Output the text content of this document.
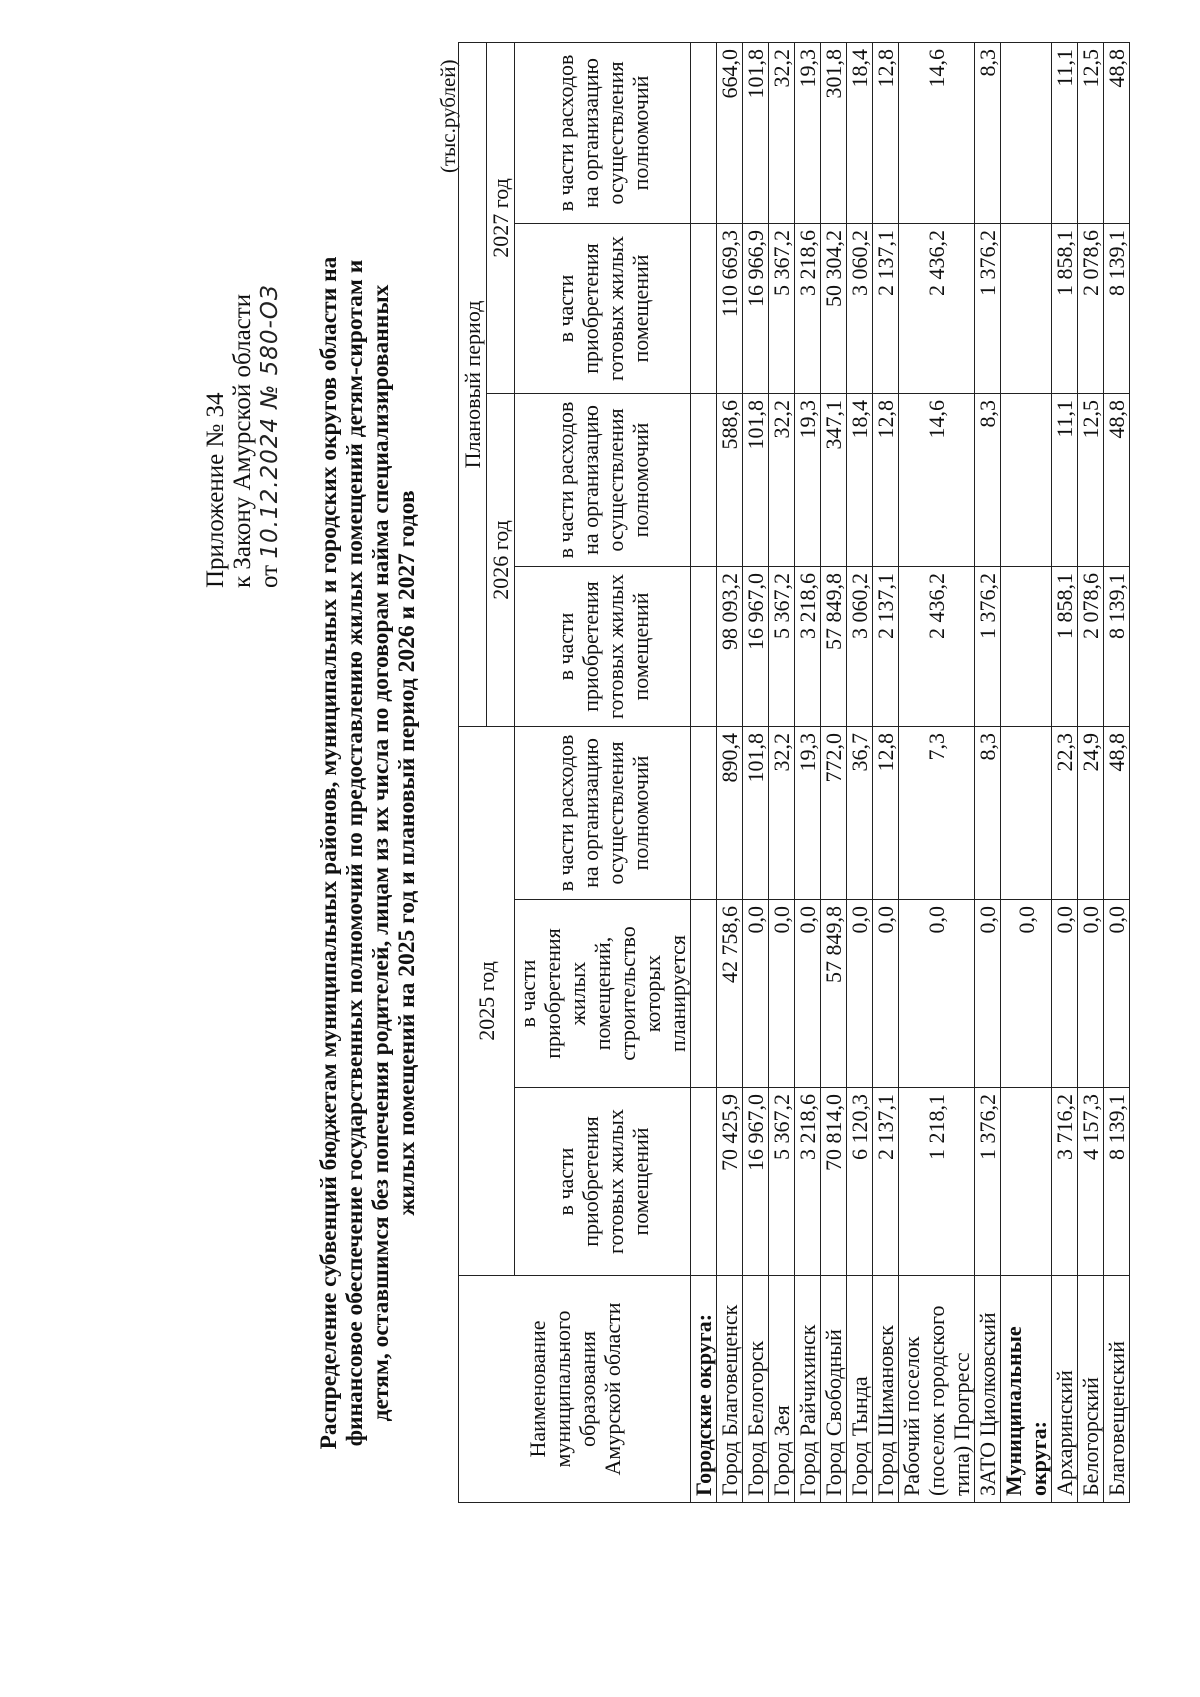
Приложение № 34 к Закону Амурской области от 10.12.2024 № 580-ОЗ Распределение субвенций бюджетам муниципальных районов, муниципальных и городских округов области на финансовое обеспечение государственных полномочий по предоставлению жилых помещений детям-сиротам и детям, оставшимся без попечения родителей, лицам из их числа по договорам найма специализированных жилых помещений на 2025 год и плановый период 2026 и 2027 годов
(тыс.рублей)
Наименование муниципального образования Амурской области	2025 год			Плановый период			
				2026 год		2027 год	
	в части приобретения готовых жилых помещений	в части приобретения жилых помещений, строительство которых планируется	в части расходов на организацию осуществления полномочий	в части приобретения готовых жилых помещений	в части расходов на организацию осуществления полномочий	в части приобретения готовых жилых помещений	в части расходов на организацию осуществления полномочий

Городские округа:							
Город Благовещенск	70 425,9	42 758,6	890,4	98 093,2	588,6	110 669,3	664,0
Город Белогорск	16 967,0	0,0	101,8	16 967,0	101,8	16 966,9	101,8
Город Зея	5 367,2	0,0	32,2	5 367,2	32,2	5 367,2	32,2
Город Райчихинск	3 218,6	0,0	19,3	3 218,6	19,3	3 218,6	19,3
Город Свободный	70 814,0	57 849,8	772,0	57 849,8	347,1	50 304,2	301,8
Город Тында	6 120,3	0,0	36,7	3 060,2	18,4	3 060,2	18,4
Город Шимановск	2 137,1	0,0	12,8	2 137,1	12,8	2 137,1	12,8
Рабочий поселок (поселок городского типа) Прогресс	1 218,1	0,0	7,3	2 436,2	14,6	2 436,2	14,6
ЗАТО Циолковский	1 376,2	0,0	8,3	1 376,2	8,3	1 376,2	8,3
Муниципальные округа:		0,0					
Архаринский	3 716,2	0,0	22,3	1 858,1	11,1	1 858,1	11,1
Белогорский	4 157,3	0,0	24,9	2 078,6	12,5	2 078,6	12,5
Благовещенский	8 139,1	0,0	48,8	8 139,1	48,8	8 139,1	48,8
